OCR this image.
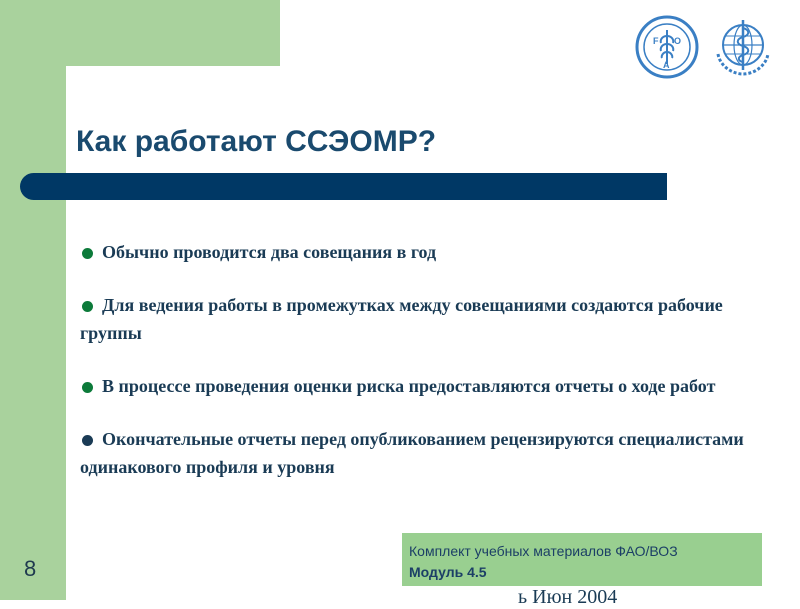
F
A
O
Как работают ССЭОМР?
Обычно проводится два совещания в год
Для ведения работы в промежутках между совещаниями создаются рабочие группы
В процессе проведения оценки риска предоставляются отчеты о ходе работ
Окончательные отчеты перед опубликованием рецензируются специалистами одинакового профиля и уровня
8
Комплект учебных материалов ФАО/ВОЗ
Модуль 4.5
ь Июн 2004
